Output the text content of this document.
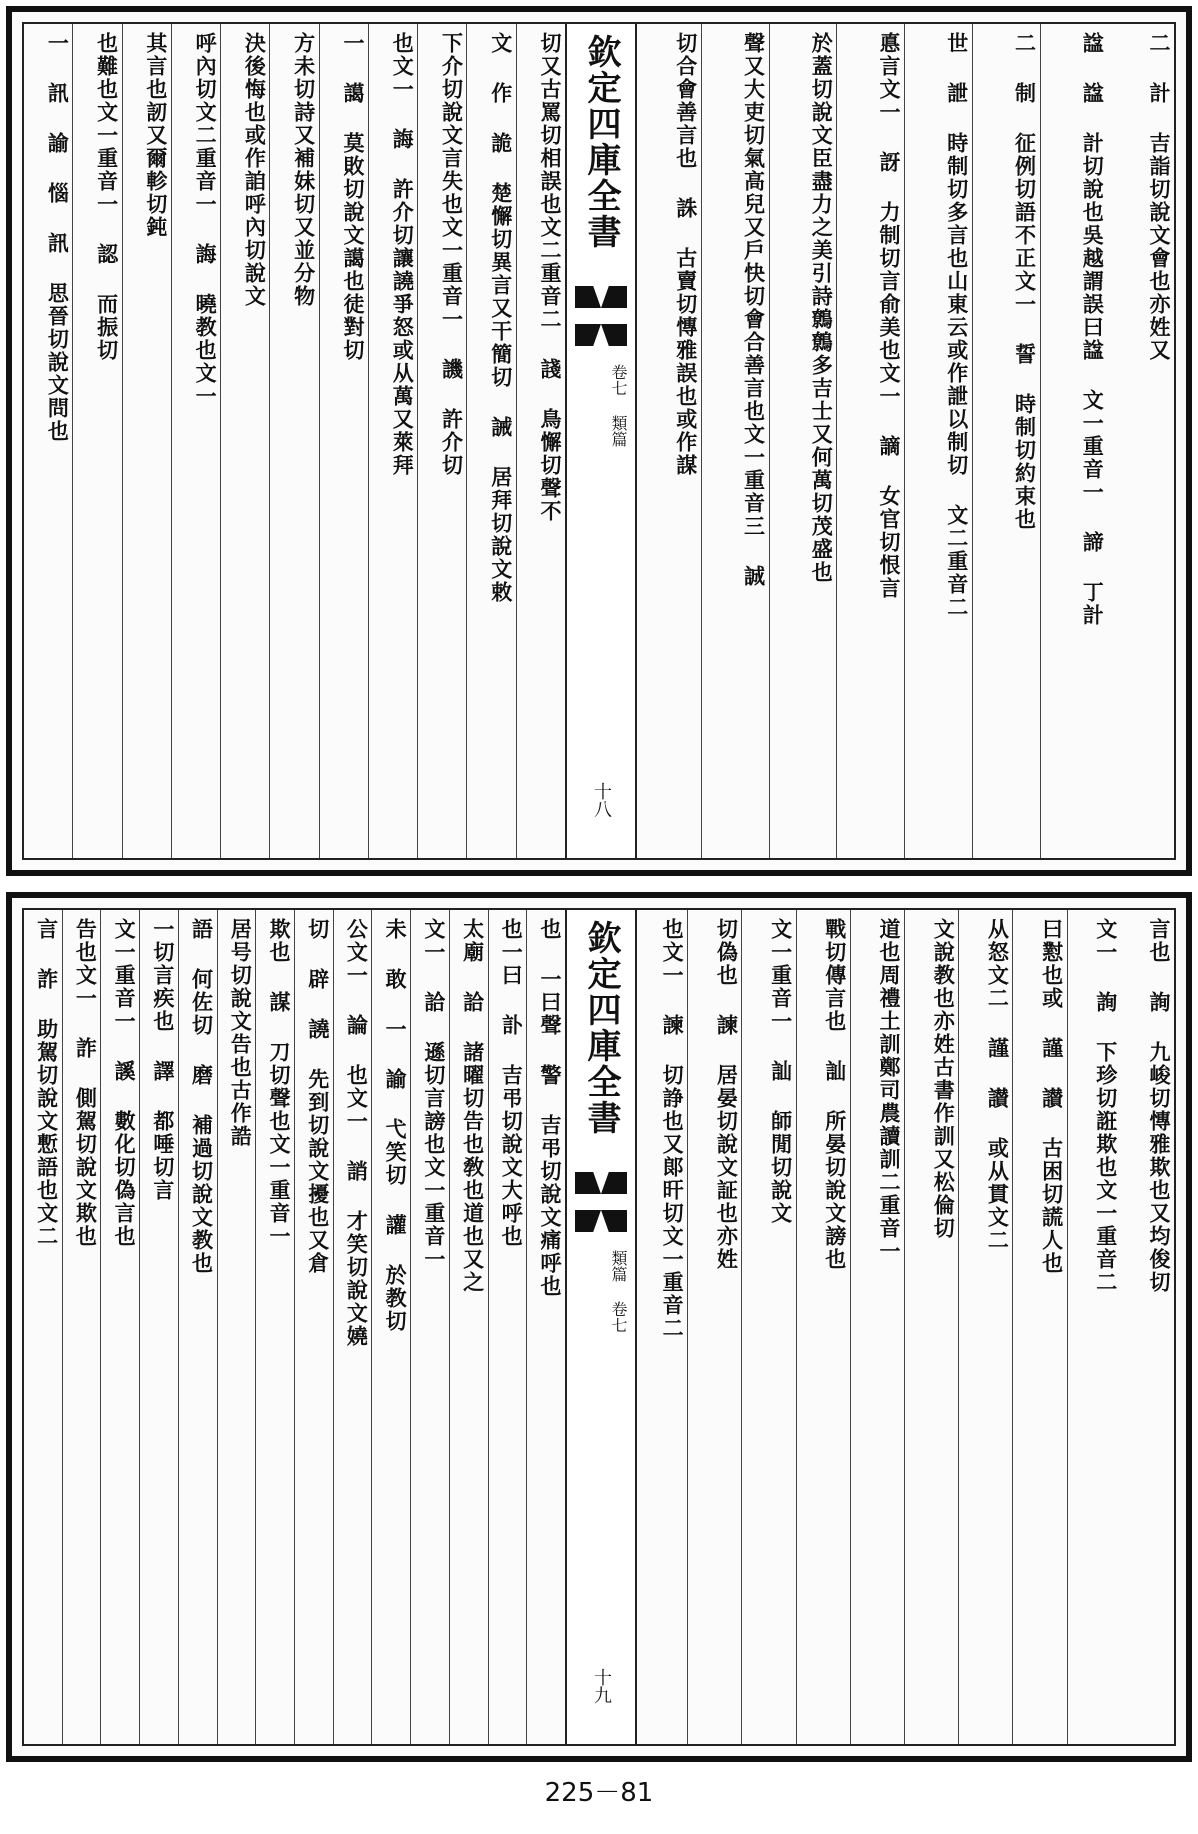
二 計 吉詣切說文會也亦姓又
諡 諡 計切說也吳越謂誤曰諡 文一重音一 諦 丁計
二 制 征例切語不正文一 誓 時制切約束也
世 詍 時制切多言也山東云或作詍以制切 文二重音二
悳言文一 訝 力制切言俞美也文一 謫 女官切恨言
於蓋切說文臣盡力之美引詩鷯鷯多吉士又何萬切茂盛也
聲又大吏切氣高兒又戶快切會合善言也文一重音三 誠
切合會善言也 誅 古賣切慱雅誤也或作謀
欽定四庫全書
卷七 類篇
十八
切又古罵切相誤也文二重音二 諓 鳥懈切聲不
文 作 詭 楚懈切異言又干簡切 誡 居拜切說文敕
下介切說文言失也文一重音一 譏 許介切
也文一 誨 許介切讓譊爭怒或从萬又萊拜
一 譪 莫敗切說文譪也徒對切
方未切詩又補妹切又並分物
決後悔也或作詯呼內切說文
呼內切文二重音一 誨 曉教也文一
其言也訒又爾軫切鈍
也難也文一重音一 認 而振切
一 訊 諭 惱 訊 思晉切說文問也
言也 詢 九峻切慱雅欺也又均俊切
文一 詢 下珍切誑欺也文一重音二
曰懟也或 謹 讃 古困切謊人也
从怒文二 謹 讃 或从貫文二
文說教也亦姓古書作訓又松倫切
道也周禮土訓鄭司農讀訓二重音一
戰切傳言也 訕 所晏切說文謗也
文一重音一 訕 師閒切說文
切偽也 諫 居晏切說文証也亦姓
也文一 諫 切諍也又郞旰切文一重音二
欽定四庫全書
類篇 卷七
十九
也 一曰聲 警 吉弔切說文痛呼也
也一曰 訃 吉弔切說文大呼也
太廟 詥 諸曜切告也敎也道也又之
文一 詥 遜切言謗也文一重音一
未 敢 一 諭 弋笑切 讙 於教切
公文一 論 也文一 誚 才笑切說文嬈
切 辟 譊 先到切說文擾也又倉
欺也 謀 刀切聲也文一重音一
居号切說文告也古作誥
語 何佐切 磨 補過切說文教也
一切言疾也 譯 都唾切言
文一重音一 謑 數化切偽言也
告也文一 詐 側駕切說文欺也
言 詐 助駕切說文慙語也文二
225－81
